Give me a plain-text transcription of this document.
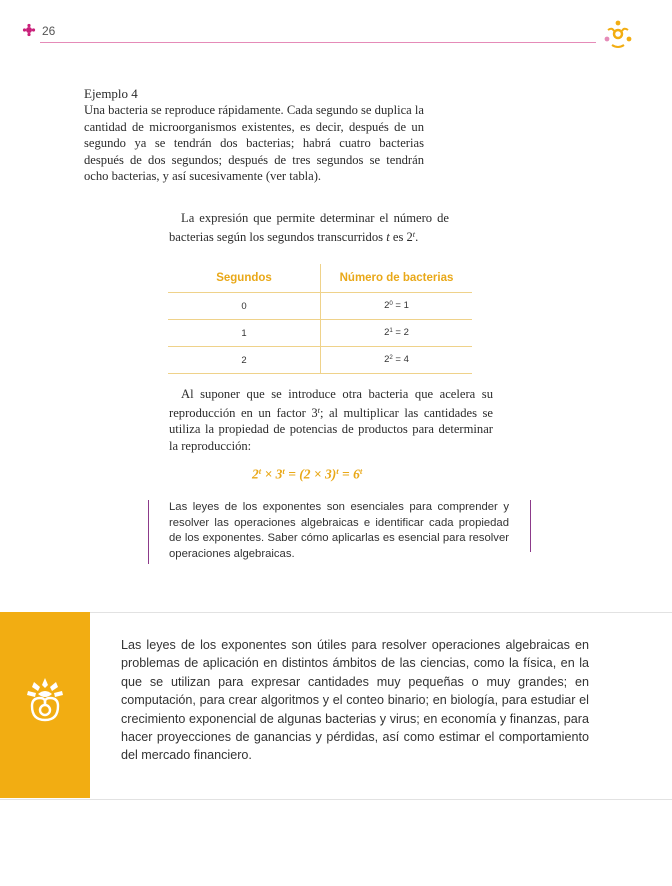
26
Ejemplo 4
Una bacteria se reproduce rápidamente. Cada segundo se duplica la cantidad de microorganismos existentes, es decir, después de un segundo ya se tendrán dos bacterias; habrá cuatro bacterias después de dos segundos; después de tres segundos se tendrán ocho bacterias, y así sucesivamente (ver tabla).
La expresión que permite determinar el número de bacterias según los segundos transcurridos t es 2$^t$.
Segundos	Número de bacterias
0	$2^0 = 1$
1	$2^1 = 2$
2	$2^2 = 4$
Al suponer que se introduce otra bacteria que acelera su reproducción en un factor 3$^t$; al multiplicar las cantidades se utiliza la propiedad de potencias de productos para determinar la reproducción:
$2^t \times 3^t = (2 \times 3)^t = 6^t$
Las leyes de los exponentes son esenciales para comprender y resolver las operaciones algebraicas e identificar cada propiedad de los exponentes. Saber cómo aplicarlas es esencial para resolver operaciones algebraicas.
Las leyes de los exponentes son útiles para resolver operaciones algebraicas en problemas de aplicación en distintos ámbitos de las ciencias, como la física, en la que se utilizan para expresar cantidades muy pequeñas o muy grandes; en computación, para crear algoritmos y el conteo binario; en biología, para estudiar el crecimiento exponencial de algunas bacterias y virus; en economía y finanzas, para hacer proyecciones de ganancias y pérdidas, así como estimar el comportamiento del mercado financiero.
